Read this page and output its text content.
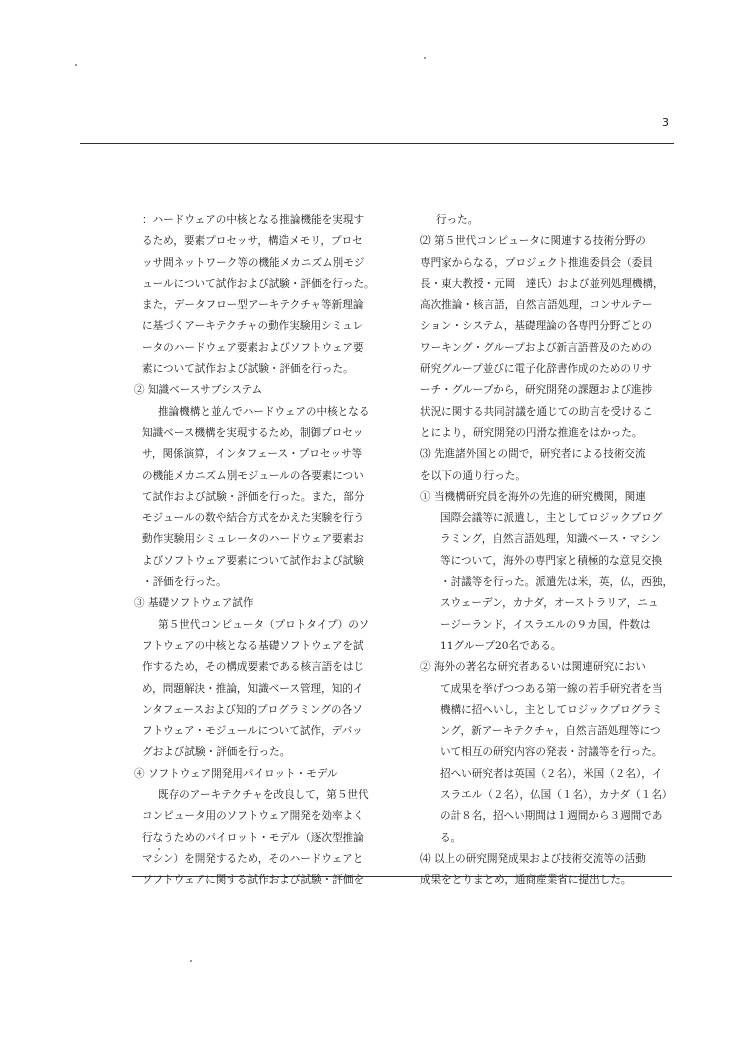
3
：ハードウェアの中核となる推論機能を実現す
るため，要素プロセッサ，構造メモリ，プロセ
ッサ間ネットワーク等の機能メカニズム別モジ
ュールについて試作および試験・評価を行った。
また，データフロー型アーキテクチャ等新理論
に基づくアーキテクチャの動作実験用シミュレ
ータのハードウェア要素およびソフトウェア要
素について試作および試験・評価を行った。
② 知識ベースサブシステム
推論機構と並んでハードウェアの中核となる
知識ベース機構を実現するため，制御プロセッ
サ，関係演算，インタフェース・プロセッサ等
の機能メカニズム別モジュールの各要素につい
て試作および試験・評価を行った。また，部分
モジュールの数や結合方式をかえた実験を行う
動作実験用シミュレータのハードウェア要素お
よびソフトウェア要素について試作および試験
・評価を行った。
③ 基礎ソフトウェア試作
第５世代コンピュータ（プロトタイプ）のソ
フトウェアの中核となる基礎ソフトウェアを試
作するため，その構成要素である核言語をはじ
め，問題解決・推論，知識ベース管理，知的イ
ンタフェースおよび知的プログラミングの各ソ
フトウェア・モジュールについて試作，デバッ
グおよび試験・評価を行った。
④ ソフトウェア開発用パイロット・モデル
既存のアーキテクチャを改良して，第５世代
コンピュータ用のソフトウェア開発を効率よく
行なうためのパイロット・モデル（逐次型推論
マシン）を開発するため，そのハードウェアと
ソフトウェアに関する試作および試験・評価を
行った。
⑵ 第５世代コンピュータに関連する技術分野の
専門家からなる，プロジェクト推進委員会（委員
長・東大教授・元岡　達氏）および並列処理機構，
高次推論・核言語，自然言語処理，コンサルテー
ション・システム，基礎理論の各専門分野ごとの
ワーキング・グループおよび新言語普及のための
研究グループ並びに電子化辞書作成のためのリサ
ーチ・グループから，研究開発の課題および進捗
状況に関する共同討議を通じての助言を受けるこ
とにより，研究開発の円滑な推進をはかった。
⑶ 先進諸外国との間で，研究者による技術交流
を以下の通り行った。
① 当機構研究員を海外の先進的研究機関，関連
国際会議等に派遣し，主としてロジックプログ
ラミング，自然言語処理，知識ベース・マシン
等について，海外の専門家と積極的な意見交換
・討議等を行った。派遣先は米，英，仏，西独，
スウェーデン，カナダ，オーストラリア，ニュ
ージーランド，イスラエルの９カ国，件数は
11グループ20名である。
② 海外の著名な研究者あるいは関連研究におい
て成果を挙げつつある第一線の若手研究者を当
機構に招へいし，主としてロジックプログラミ
ング，新アーキテクチャ，自然言語処理等につ
いて相互の研究内容の発表・討議等を行った。
招へい研究者は英国（２名），米国（２名），イ
スラエル（２名），仏国（１名），カナダ（１名）
の計８名，招へい期間は１週間から３週間であ
る。
⑷ 以上の研究開発成果および技術交流等の活動
成果をとりまとめ，通商産業省に提出した。
